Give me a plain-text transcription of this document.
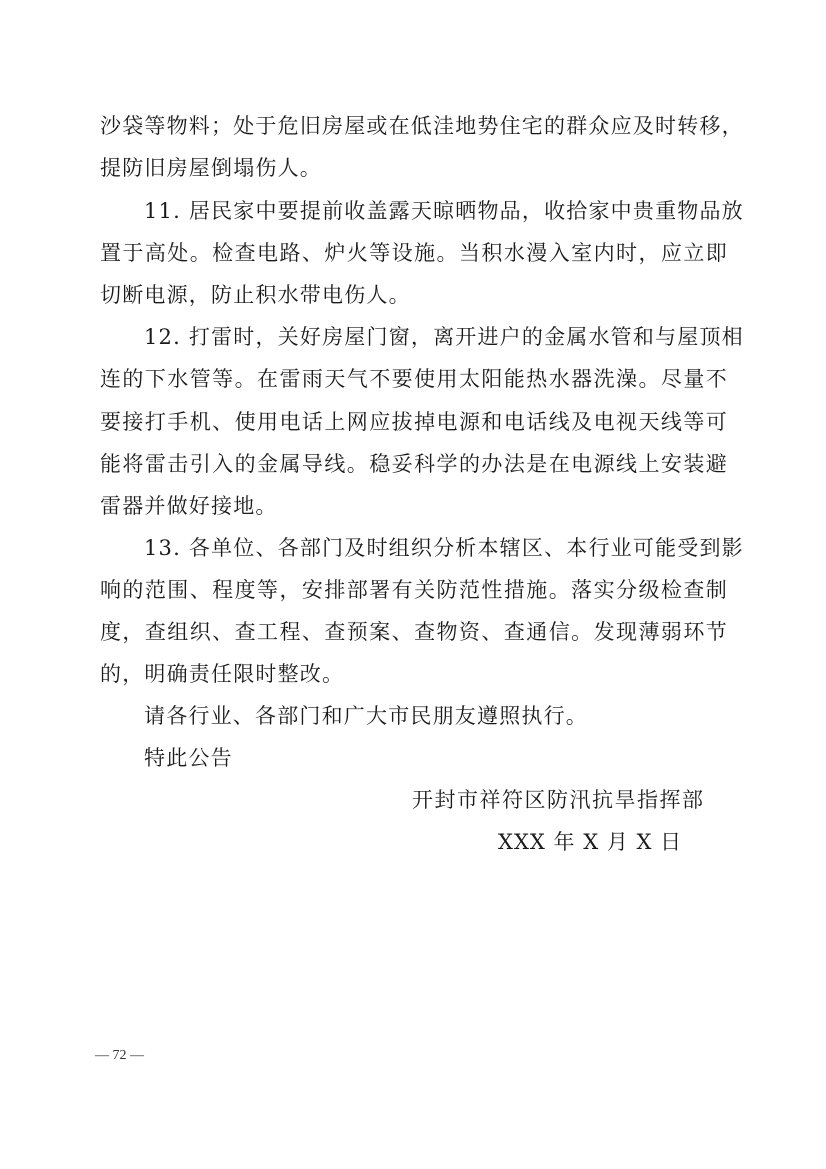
沙袋等物料；处于危旧房屋或在低洼地势住宅的群众应及时转移，
提防旧房屋倒塌伤人。
11. 居民家中要提前收盖露天晾晒物品，收拾家中贵重物品放
置于高处。检查电路、炉火等设施。当积水漫入室内时，应立即
切断电源，防止积水带电伤人。
12. 打雷时，关好房屋门窗，离开进户的金属水管和与屋顶相
连的下水管等。在雷雨天气不要使用太阳能热水器洗澡。尽量不
要接打手机、使用电话上网应拔掉电源和电话线及电视天线等可
能将雷击引入的金属导线。稳妥科学的办法是在电源线上安装避
雷器并做好接地。
13. 各单位、各部门及时组织分析本辖区、本行业可能受到影
响的范围、程度等，安排部署有关防范性措施。落实分级检查制
度，查组织、查工程、查预案、查物资、查通信。发现薄弱环节
的，明确责任限时整改。
请各行业、各部门和广大市民朋友遵照执行。
特此公告
开封市祥符区防汛抗旱指挥部
XXX 年 X 月 X 日
— 72 —
